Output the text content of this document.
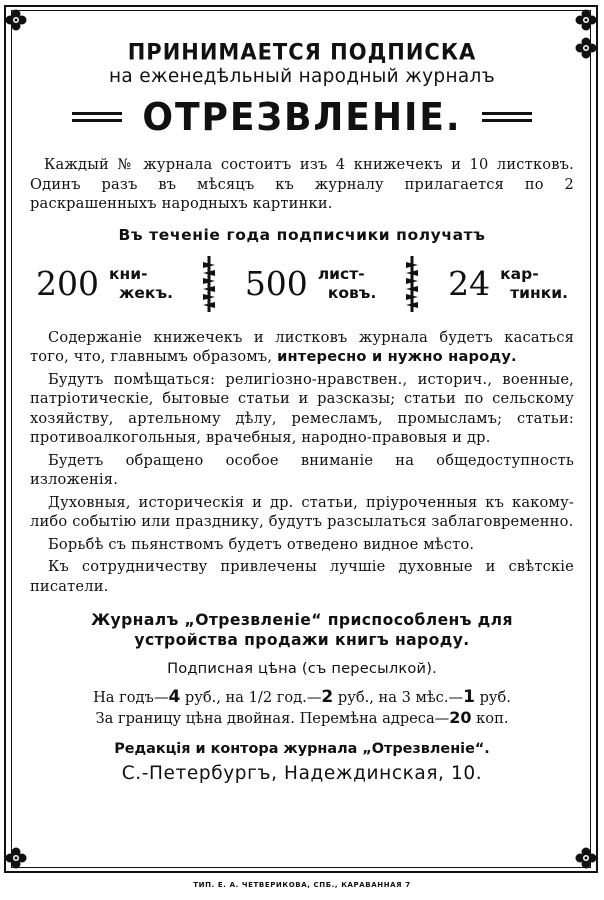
ПРИНИМАЕТСЯ ПОДПИСКА
на еженедѣльный народный журналъ
ОТРЕЗВЛЕНІЕ.
Каждый № журнала состоитъ изъ 4 книжечекъ и 10 листковъ. Одинъ разъ въ мѣсяцъ къ журналу прилагается по 2 раскрашенныхъ народныхъ картинки.
Въ теченіе года подписчики получатъ
200 кни-
жекъ. 500 лист-
ковъ. 24 кар-
тинки.
Содержаніе книжечекъ и листковъ журнала будетъ касаться того, что, главнымъ образомъ, интересно и нужно народу.
Будутъ помѣщаться: религіозно-нравствен., историч., военные, патріотическіе, бытовые статьи и разсказы; статьи по сельскому хозяйству, артельному дѣлу, ремесламъ, промысламъ; статьи: противоалкогольныя, врачебныя, народно-правовыя и др.
Будетъ обращено особое вниманіе на общедоступность изложенія.
Духовныя, историческія и др. статьи, пріуроченныя къ какому-либо событію или празднику, будутъ разсылаться заблаговременно.
Борьбѣ съ пьянствомъ будетъ отведено видное мѣсто.
Къ сотрудничеству привлечены лучшіе духовные и свѣтскіе писатели.
Журналъ „Отрезвленіе“ приспособленъ для
устройства продажи книгъ народу.
Подписная цѣна (съ пересылкой).
На годъ—4 руб., на 1/2 год.—2 руб., на 3 мѣс.—1 руб.
За границу цѣна двойная. Перемѣна адреса—20 коп.
Редакція и контора журнала „Отрезвленіе“.
С.-Петербургъ, Надеждинская, 10.
ТИП. Е. А. ЧЕТВЕРИКОВА, СПБ., КАРАВАННАЯ 7
